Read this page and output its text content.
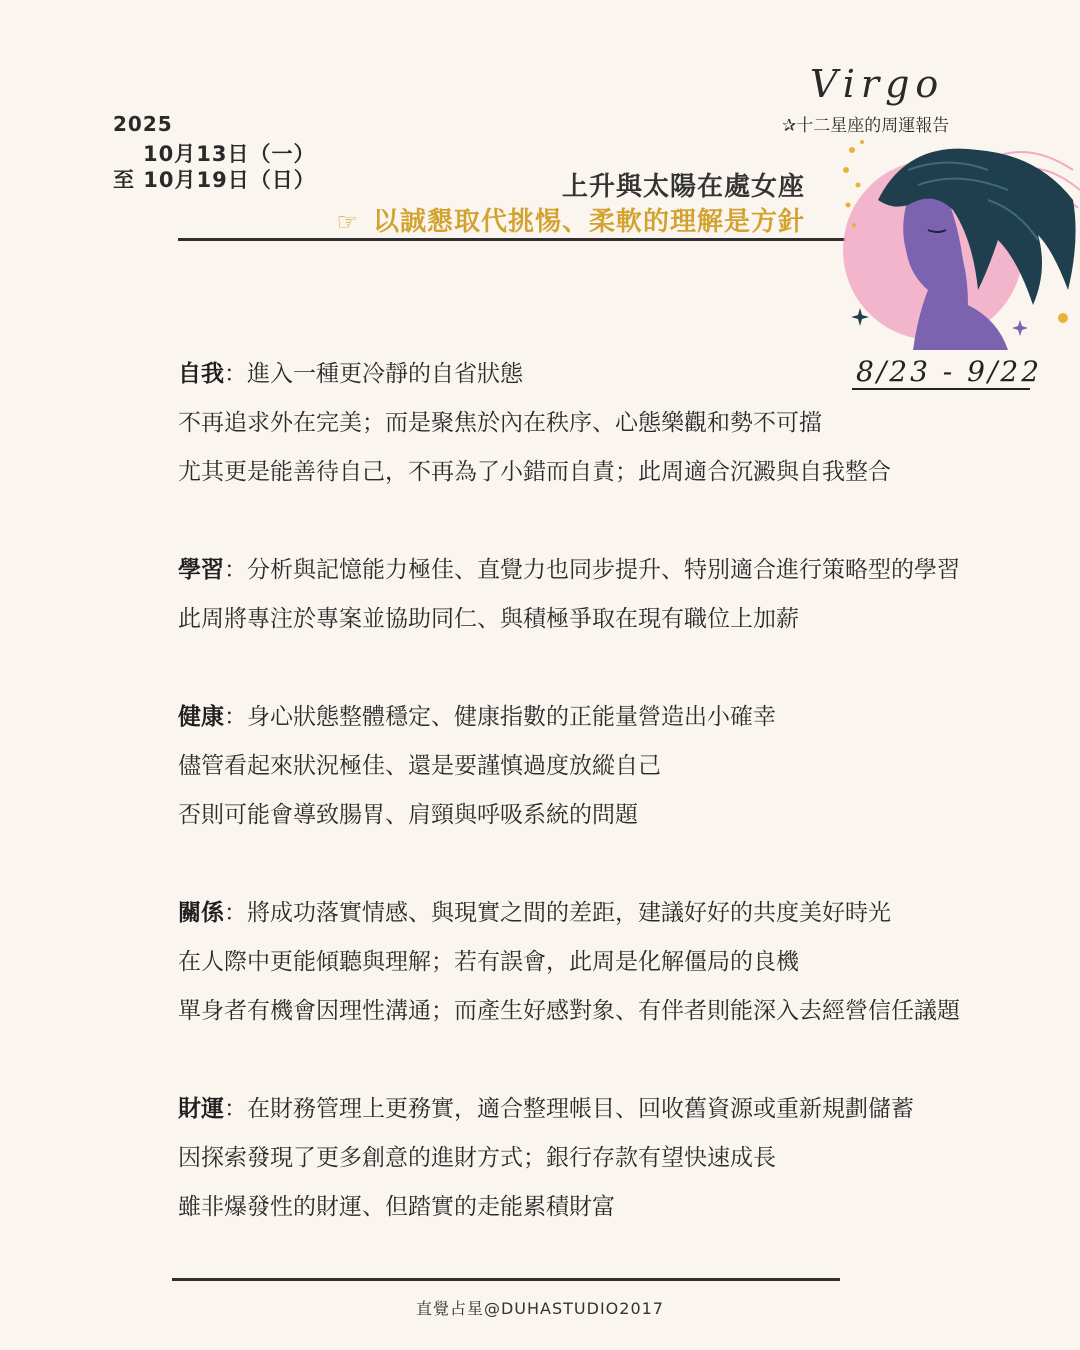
2025
10月13日（一）
至 10月19日（日）
Virgo
✰十二星座的周運報告
上升與太陽在處女座
☞ 以誠懇取代挑惕、柔軟的理解是方針
8/23 - 9/22
自我：進入一種更冷靜的自省狀態
不再追求外在完美；而是聚焦於內在秩序、心態樂觀和勢不可擋
尤其更是能善待自己，不再為了小錯而自責；此周適合沉澱與自我整合
學習：分析與記憶能力極佳、直覺力也同步提升、特別適合進行策略型的學習
此周將專注於專案並協助同仁、與積極爭取在現有職位上加薪
健康：身心狀態整體穩定、健康指數的正能量營造出小確幸
儘管看起來狀況極佳、還是要謹慎過度放縱自己
否則可能會導致腸胃、肩頸與呼吸系統的問題
關係：將成功落實情感、與現實之間的差距，建議好好的共度美好時光
在人際中更能傾聽與理解；若有誤會，此周是化解僵局的良機
單身者有機會因理性溝通；而產生好感對象、有伴者則能深入去經營信任議題
財運：在財務管理上更務實，適合整理帳目、回收舊資源或重新規劃儲蓄
因探索發現了更多創意的進財方式；銀行存款有望快速成長
雖非爆發性的財運、但踏實的走能累積財富
直覺占星@DUHASTUDIO2017
